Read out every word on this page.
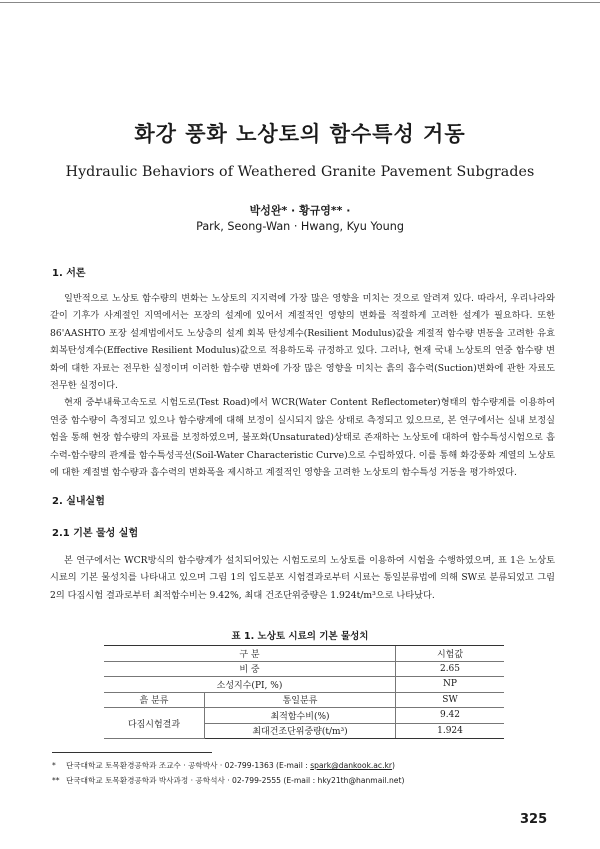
화강 풍화 노상토의 함수특성 거동
Hydraulic Behaviors of Weathered Granite Pavement Subgrades
박성완* · 황규영** ·
Park, Seong-Wan · Hwang, Kyu Young
1. 서론

일반적으로 노상토 함수량의 변화는 노상토의 지지력에 가장 많은 영향을 미치는 것으로 알려져 있다. 따라서, 우리나라와 같이 기후가 사계절인 지역에서는 포장의 설계에 있어서 계절적인 영향의 변화를 적절하게 고려한 설계가 필요하다. 또한 86'AASHTO 포장 설계법에서도 노상층의 설계 회복 탄성계수(Resilient Modulus)값을 계절적 함수량 변동을 고려한 유효 회복탄성계수(Effective Resilient Modulus)값으로 적용하도록 규정하고 있다. 그러나, 현재 국내 노상토의 연중 함수량 변화에 대한 자료는 전무한 실정이며 이러한 함수량 변화에 가장 많은 영향을 미치는 흙의 흡수력(Suction)변화에 관한 자료도 전무한 실정이다.

현재 중부내륙고속도로 시험도로(Test Road)에서 WCR(Water Content Reflectometer)형태의 함수량계를 이용하여 연중 함수량이 측정되고 있으나 함수량계에 대해 보정이 실시되지 않은 상태로 측정되고 있으므로, 본 연구에서는 실내 보정실험을 통해 현장 함수량의 자료를 보정하였으며, 불포화(Unsaturated)상태로 존재하는 노상토에 대하여 함수특성시험으로 흡수력-함수량의 관계를 함수특성곡선(Soil-Water Characteristic Curve)으로 수립하였다. 이를 통해 화강풍화 계열의 노상토에 대한 계절별 함수량과 흡수력의 변화폭을 제시하고 계절적인 영향을 고려한 노상토의 함수특성 거동을 평가하였다.

2. 실내실험
2.1 기본 물성 실험

본 연구에서는 WCR방식의 함수량계가 설치되어있는 시험도로의 노상토를 이용하여 시험을 수행하였으며, 표 1은 노상토 시료의 기본 물성치를 나타내고 있으며 그림 1의 입도분포 시험결과로부터 시료는 통일분류법에 의해 SW로 분류되었고 그림 2의 다짐시험 결과로부터 최적함수비는 9.42%, 최대 건조단위중량은 1.924t/m³으로 나타났다.

표 1. 노상토 시료의 기본 물성치
구 분		시험값
비 중		2.65
소성지수(PI, %)		NP
흙 분류	통일분류	SW
다짐시험결과	최적함수비(%)	9.42
	최대건조단위중량(t/m³)	1.924
* 단국대학교 토목환경공학과 조교수 · 공학박사 · 02-799-1363 (E-mail : spark@dankook.ac.kr)
** 단국대학교 토목환경공학과 박사과정 · 공학석사 · 02-799-2555 (E-mail : hky21th@hanmail.net)
325
